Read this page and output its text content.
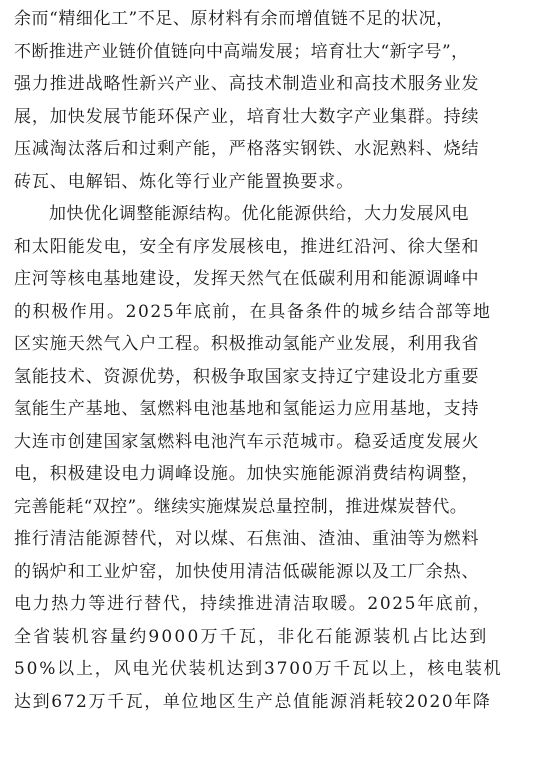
余而“精细化工”不足、原材料有余而增值链不足的状况，
不断推进产业链价值链向中高端发展；培育壮大“新字号”，
强力推进战略性新兴产业、高技术制造业和高技术服务业发
展，加快发展节能环保产业，培育壮大数字产业集群。持续
压减淘汰落后和过剩产能，严格落实钢铁、水泥熟料、烧结
砖瓦、电解铝、炼化等行业产能置换要求。
　　加快优化调整能源结构。优化能源供给，大力发展风电
和太阳能发电，安全有序发展核电，推进红沿河、徐大堡和
庄河等核电基地建设，发挥天然气在低碳利用和能源调峰中
的积极作用。2025年底前，在具备条件的城乡结合部等地
区实施天然气入户工程。积极推动氢能产业发展，利用我省
氢能技术、资源优势，积极争取国家支持辽宁建设北方重要
氢能生产基地、氢燃料电池基地和氢能运力应用基地，支持
大连市创建国家氢燃料电池汽车示范城市。稳妥适度发展火
电，积极建设电力调峰设施。加快实施能源消费结构调整，
完善能耗“双控”。继续实施煤炭总量控制，推进煤炭替代。
推行清洁能源替代，对以煤、石焦油、渣油、重油等为燃料
的锅炉和工业炉窑，加快使用清洁低碳能源以及工厂余热、
电力热力等进行替代，持续推进清洁取暖。2025年底前，
全省装机容量约9000万千瓦，非化石能源装机占比达到
50%以上，风电光伏装机达到3700万千瓦以上，核电装机
达到672万千瓦，单位地区生产总值能源消耗较2020年降
